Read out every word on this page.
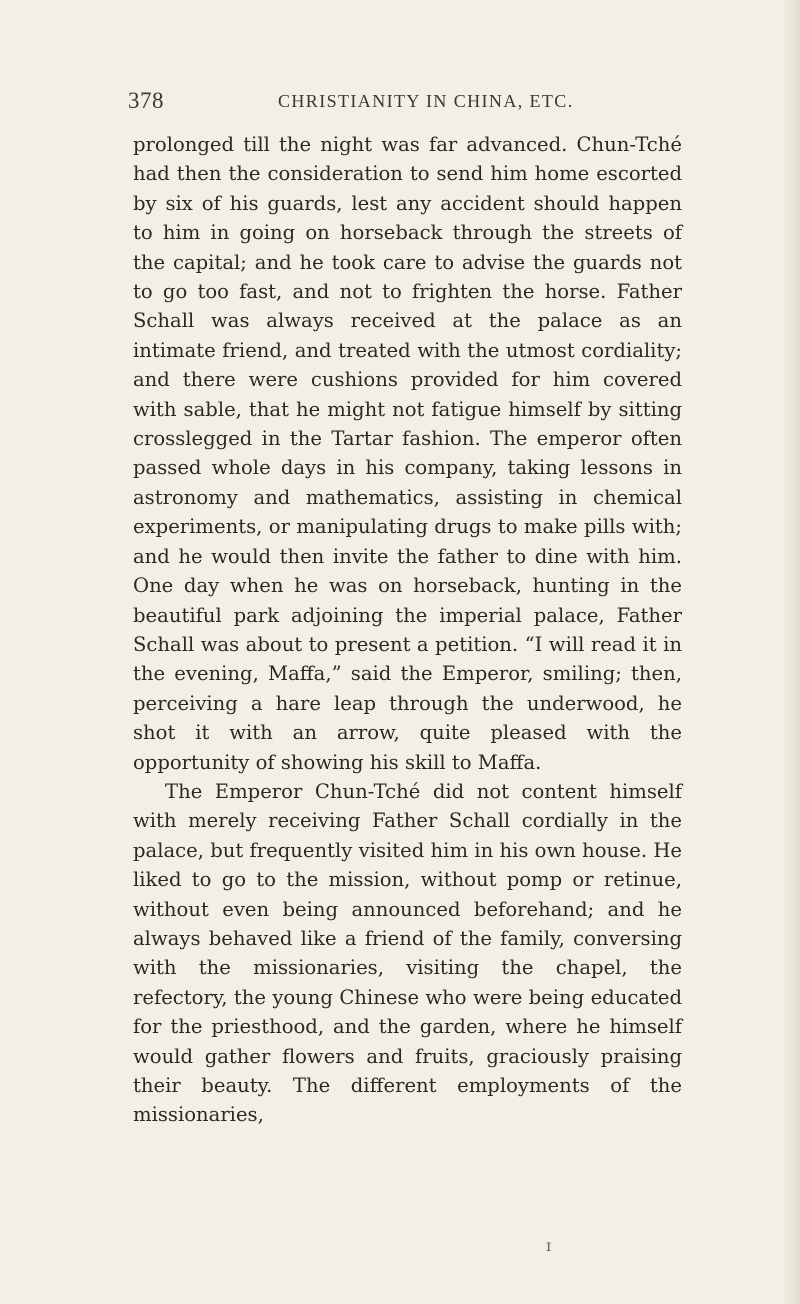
378	CHRISTIANITY IN CHINA, ETC.

prolonged till the night was far advanced. Chun-Tché had then the consideration to send him home escorted by six of his guards, lest any accident should happen to him in going on horseback through the streets of the capital; and he took care to advise the guards not to go too fast, and not to frighten the horse. Father Schall was always received at the palace as an intimate friend, and treated with the utmost cordiality; and there were cushions provided for him covered with sable, that he might not fatigue himself by sitting crosslegged in the Tartar fashion. The emperor often passed whole days in his company, taking lessons in astronomy and mathematics, assisting in chemical experiments, or manipulating drugs to make pills with; and he would then invite the father to dine with him. One day when he was on horseback, hunting in the beautiful park adjoining the imperial palace, Father Schall was about to present a petition. “I will read it in the evening, Maffa,” said the Emperor, smiling; then, perceiving a hare leap through the underwood, he shot it with an arrow, quite pleased with the opportunity of showing his skill to Maffa.

The Emperor Chun-Tché did not content himself with merely receiving Father Schall cordially in the palace, but frequently visited him in his own house. He liked to go to the mission, without pomp or retinue, without even being announced beforehand; and he always behaved like a friend of the family, conversing with the missionaries, visiting the chapel, the refectory, the young Chinese who were being educated for the priesthood, and the garden, where he himself would gather flowers and fruits, graciously praising their beauty. The different employments of the missionaries,

ɪ
